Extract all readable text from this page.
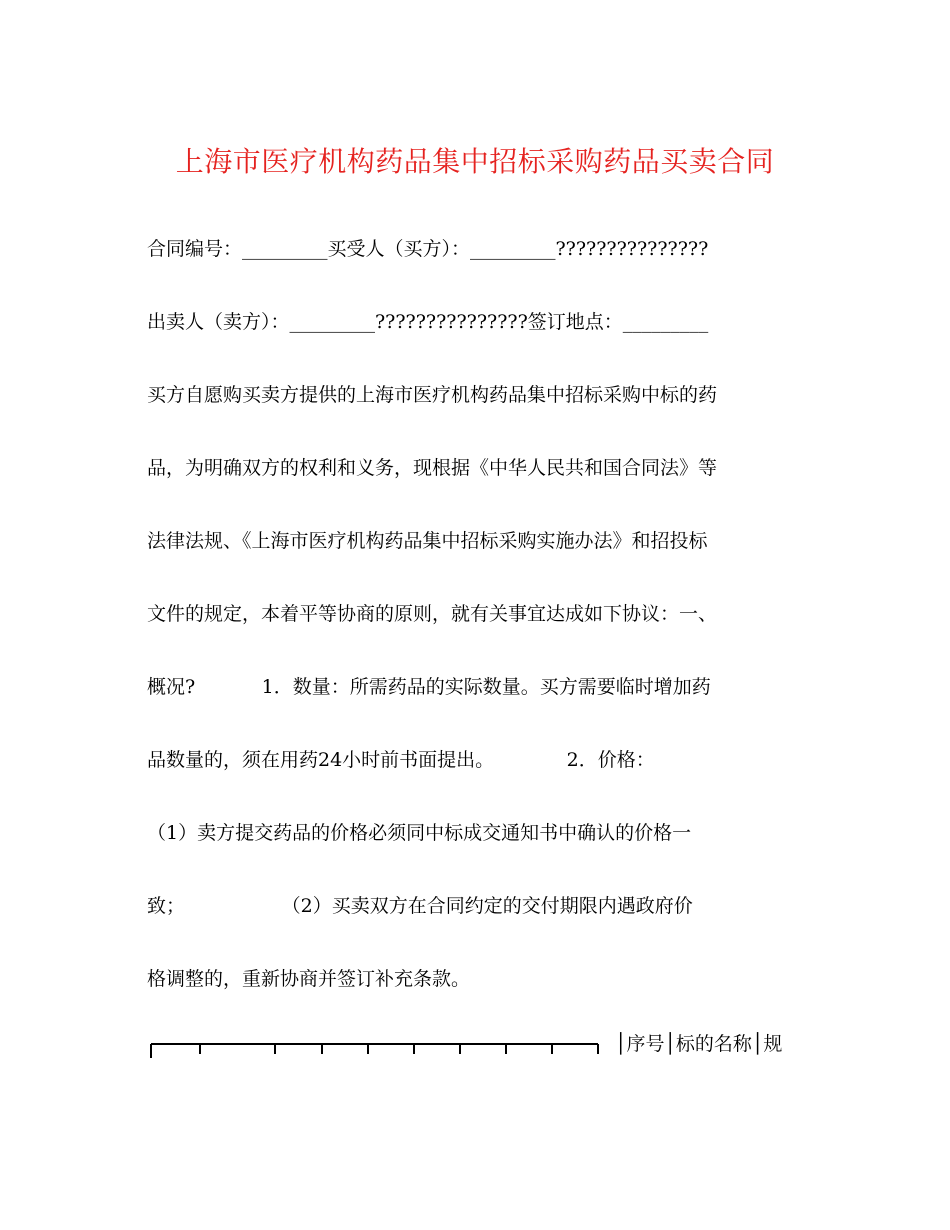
上海市医疗机构药品集中招标采购药品买卖合同
合同编号：_________买受人（买方）：_________???????????????
出卖人（卖方）：_________???????????????签订地点：_________
买方自愿购买卖方提供的上海市医疗机构药品集中招标采购中标的药
品，为明确双方的权利和义务，现根据《中华人民共和国合同法》等
法律法规、《上海市医疗机构药品集中招标采购实施办法》和招投标
文件的规定，本着平等协商的原则，就有关事宜达成如下协议：一、
概况?           1．数量：所需药品的实际数量。买方需要临时增加药
品数量的，须在用药24小时前书面提出。            2．价格：
（1）卖方提交药品的价格必须同中标成交通知书中确认的价格一
致；                （2）买卖双方在合同约定的交付期限内遇政府价
格调整的，重新协商并签订补充条款。
│序号│标的名称│规
